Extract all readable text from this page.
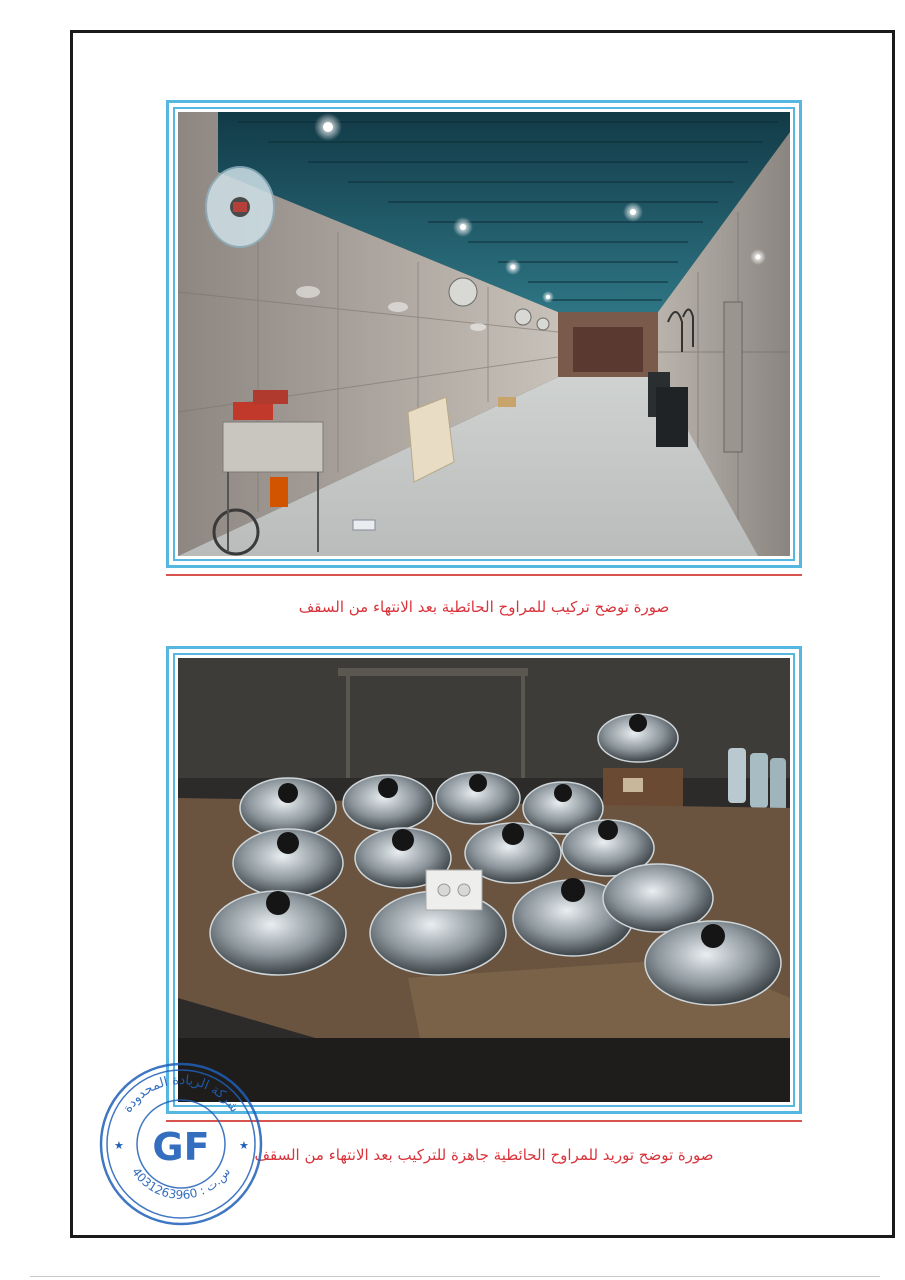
صورة توضح تركيب للمراوح الحائطية بعد الانتهاء من السقف
صورة توضح توريد للمراوح الحائطية جاهزة للتركيب بعد الانتهاء من السقف
شركة الريادة المحدودة
س.ت : 4031263960
★	★
GF
